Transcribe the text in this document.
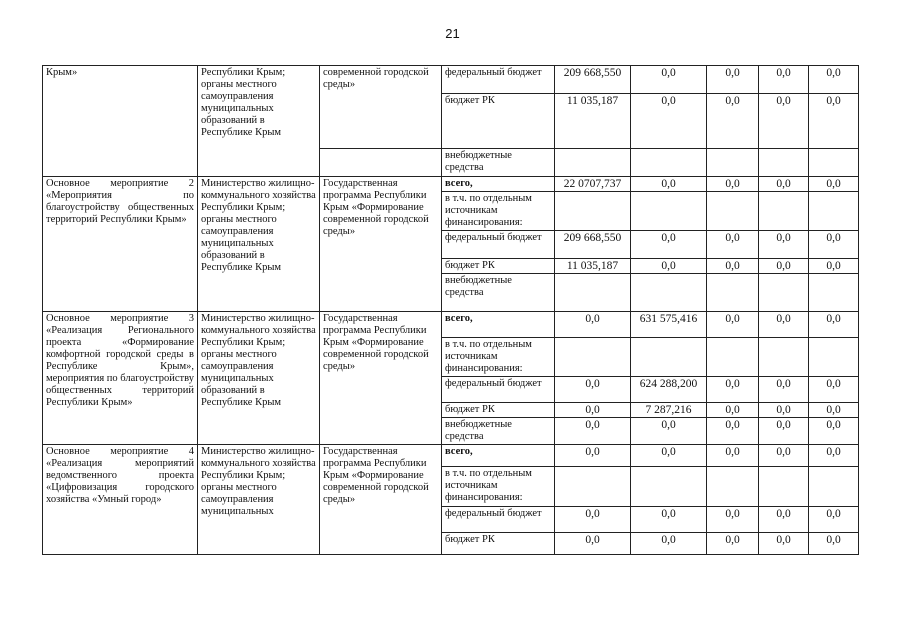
21
Крым»	Республики Крым; органы местного самоуправления муниципальных образований в Республике Крым	современной городской среды»	федеральный бюджет	209 668,550	0,0	0,0	0,0	0,0
			бюджет РК	11 035,187	0,0	0,0	0,0	0,0
			внебюджетные средства					
Основное мероприятие 2 «Мероприятия по благоустройству общественных территорий Республики Крым»	Министерство жилищно-коммунального хозяйства Республики Крым; органы местного самоуправления муниципальных образований в Республике Крым	Государственная программа Республики Крым «Формирование современной городской среды»	всего,	22 0707,737	0,0	0,0	0,0	0,0
			в т.ч. по отдельным источникам финансирования:					
			федеральный бюджет	209 668,550	0,0	0,0	0,0	0,0
			бюджет РК	11 035,187	0,0	0,0	0,0	0,0
			внебюджетные средства					
Основное мероприятие 3 «Реализация Регионального проекта «Формирование комфортной городской среды в Республике Крым», мероприятия по благоустройству общественных территорий Республики Крым»	Министерство жилищно-коммунального хозяйства Республики Крым; органы местного самоуправления муниципальных образований в Республике Крым	Государственная программа Республики Крым «Формирование современной городской среды»	всего,	0,0	631 575,416	0,0	0,0	0,0
			в т.ч. по отдельным источникам финансирования:					
			федеральный бюджет	0,0	624 288,200	0,0	0,0	0,0
			бюджет РК	0,0	7 287,216	0,0	0,0	0,0
			внебюджетные средства	0,0	0,0	0,0	0,0	0,0
Основное мероприятие 4 «Реализация мероприятий ведомственного проекта «Цифровизация городского хозяйства «Умный город»	Министерство жилищно-коммунального хозяйства Республики Крым; органы местного самоуправления муниципальных	Государственная программа Республики Крым «Формирование современной городской среды»	всего,	0,0	0,0	0,0	0,0	0,0
			в т.ч. по отдельным источникам финансирования:					
			федеральный бюджет	0,0	0,0	0,0	0,0	0,0
			бюджет РК	0,0	0,0	0,0	0,0	0,0
